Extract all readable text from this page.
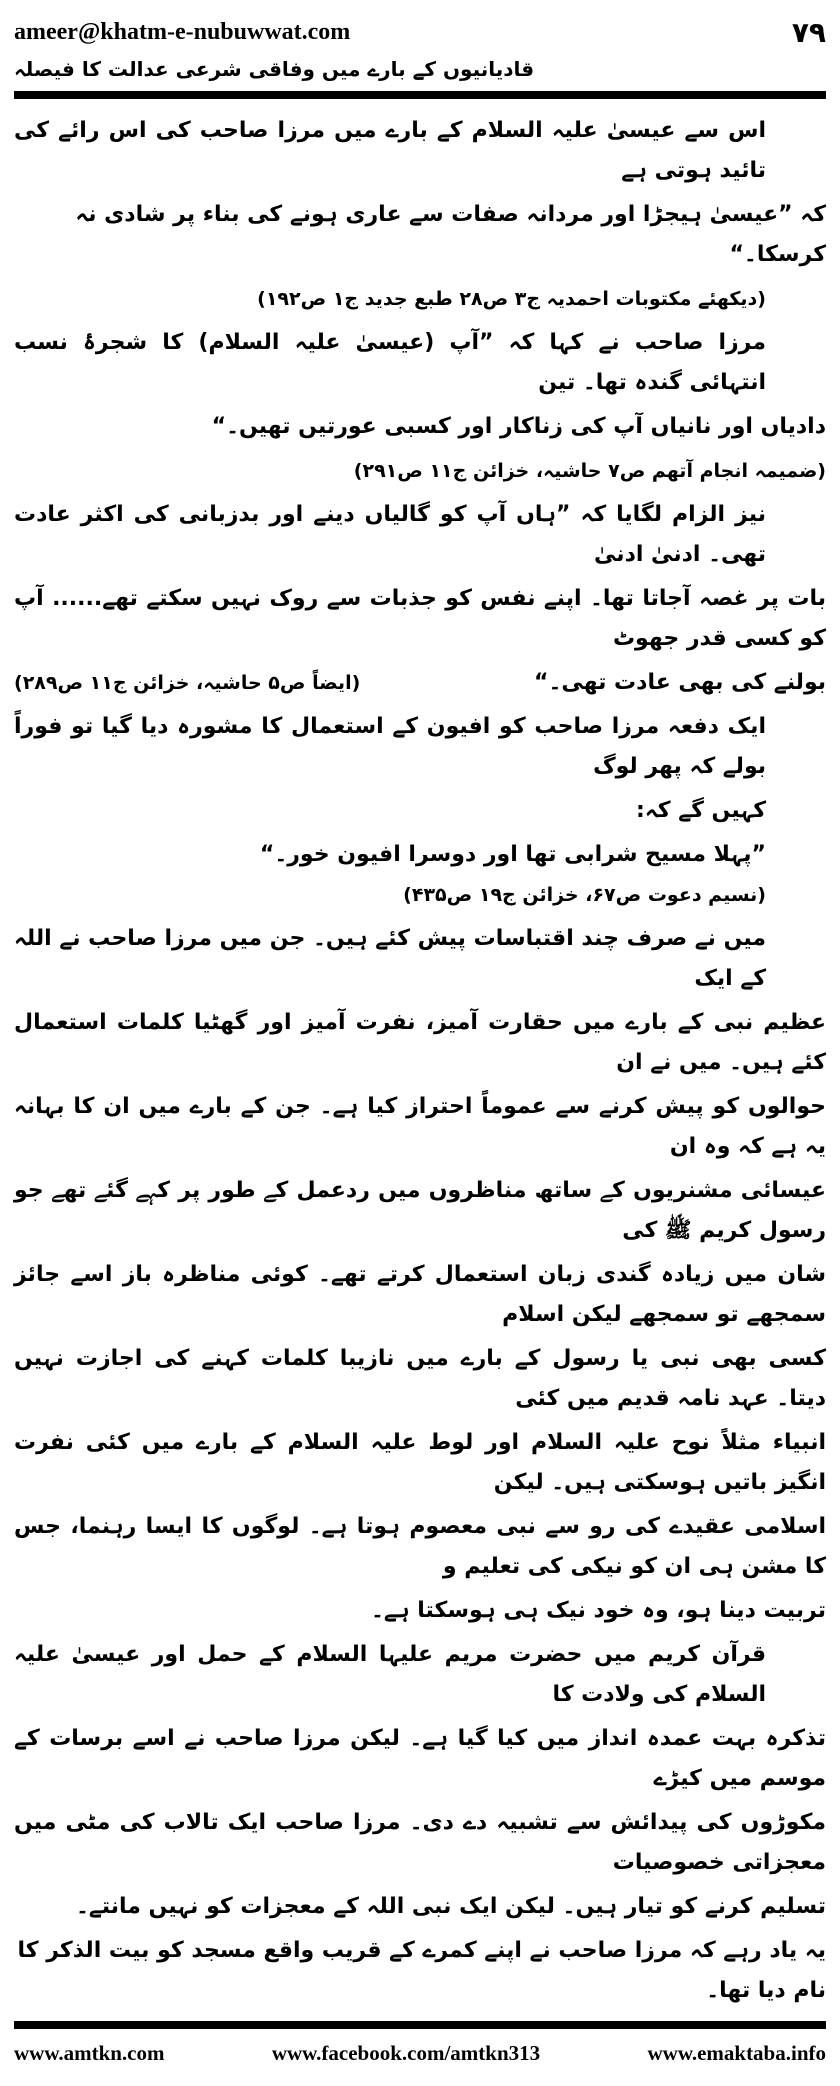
ameer@khatm-e-nubuwwat.com	۷۹
قادیانیوں کے بارے میں وفاقی شرعی عدالت کا فیصلہ
اس سے عیسیٰ علیہ السلام کے بارے میں مرزا صاحب کی اس رائے کی تائید ہوتی ہے
کہ ”عیسیٰ ہیجڑا اور مردانہ صفات سے عاری ہونے کی بناء پر شادی نہ کرسکا۔“
(دیکھئے مکتوبات احمدیہ ج۳ ص۲۸ طبع جدید ج۱ ص۱۹۲)
مرزا صاحب نے کہا کہ ”آپ (عیسیٰ علیہ السلام) کا شجرۂ نسب انتہائی گندہ تھا۔ تین
دادیاں اور نانیاں آپ کی زناکار اور کسبی عورتیں تھیں۔“
(ضمیمہ انجام آتھم ص۷ حاشیہ، خزائن ج۱۱ ص۲۹۱)
نیز الزام لگایا کہ ”ہاں آپ کو گالیاں دینے اور بدزبانی کی اکثر عادت تھی۔ ادنیٰ ادنیٰ
بات پر غصہ آجاتا تھا۔ اپنے نفس کو جذبات سے روک نہیں سکتے تھے...... آپ کو کسی قدر جھوٹ
بولنے کی بھی عادت تھی۔“
(ایضاً ص۵ حاشیہ، خزائن ج۱۱ ص۲۸۹)
ایک دفعہ مرزا صاحب کو افیون کے استعمال کا مشورہ دیا گیا تو فوراً بولے کہ پھر لوگ
کہیں گے کہ:
”پہلا مسیح شرابی تھا اور دوسرا افیون خور۔“
(نسیم دعوت ص۶۷، خزائن ج۱۹ ص۴۳۵)
میں نے صرف چند اقتباسات پیش کئے ہیں۔ جن میں مرزا صاحب نے اللہ کے ایک
عظیم نبی کے بارے میں حقارت آمیز، نفرت آمیز اور گھٹیا کلمات استعمال کئے ہیں۔ میں نے ان
حوالوں کو پیش کرنے سے عموماً احتراز کیا ہے۔ جن کے بارے میں ان کا بہانہ یہ ہے کہ وہ ان
عیسائی مشنریوں کے ساتھ مناظروں میں ردعمل کے طور پر کہے گئے تھے جو رسول کریم ﷺ کی
شان میں زیادہ گندی زبان استعمال کرتے تھے۔ کوئی مناظرہ باز اسے جائز سمجھے تو سمجھے لیکن اسلام
کسی بھی نبی یا رسول کے بارے میں نازیبا کلمات کہنے کی اجازت نہیں دیتا۔ عہد نامہ قدیم میں کئی
انبیاء مثلاً نوح علیہ السلام اور لوط علیہ السلام کے بارے میں کئی نفرت انگیز باتیں ہوسکتی ہیں۔ لیکن
اسلامی عقیدے کی رو سے نبی معصوم ہوتا ہے۔ لوگوں کا ایسا رہنما، جس کا مشن ہی ان کو نیکی کی تعلیم و
تربیت دینا ہو، وہ خود نیک ہی ہوسکتا ہے۔
قرآن کریم میں حضرت مریم علیہا السلام کے حمل اور عیسیٰ علیہ السلام کی ولادت کا
تذکرہ بہت عمدہ انداز میں کیا گیا ہے۔ لیکن مرزا صاحب نے اسے برسات کے موسم میں کیڑے
مکوڑوں کی پیدائش سے تشبیہ دے دی۔ مرزا صاحب ایک تالاب کی مٹی میں معجزاتی خصوصیات
تسلیم کرنے کو تیار ہیں۔ لیکن ایک نبی اللہ کے معجزات کو نہیں مانتے۔
یہ یاد رہے کہ مرزا صاحب نے اپنے کمرے کے قریب واقع مسجد کو بیت الذکر کا نام دیا تھا۔
www.amtkn.com	www.facebook.com/amtkn313	www.emaktaba.info
